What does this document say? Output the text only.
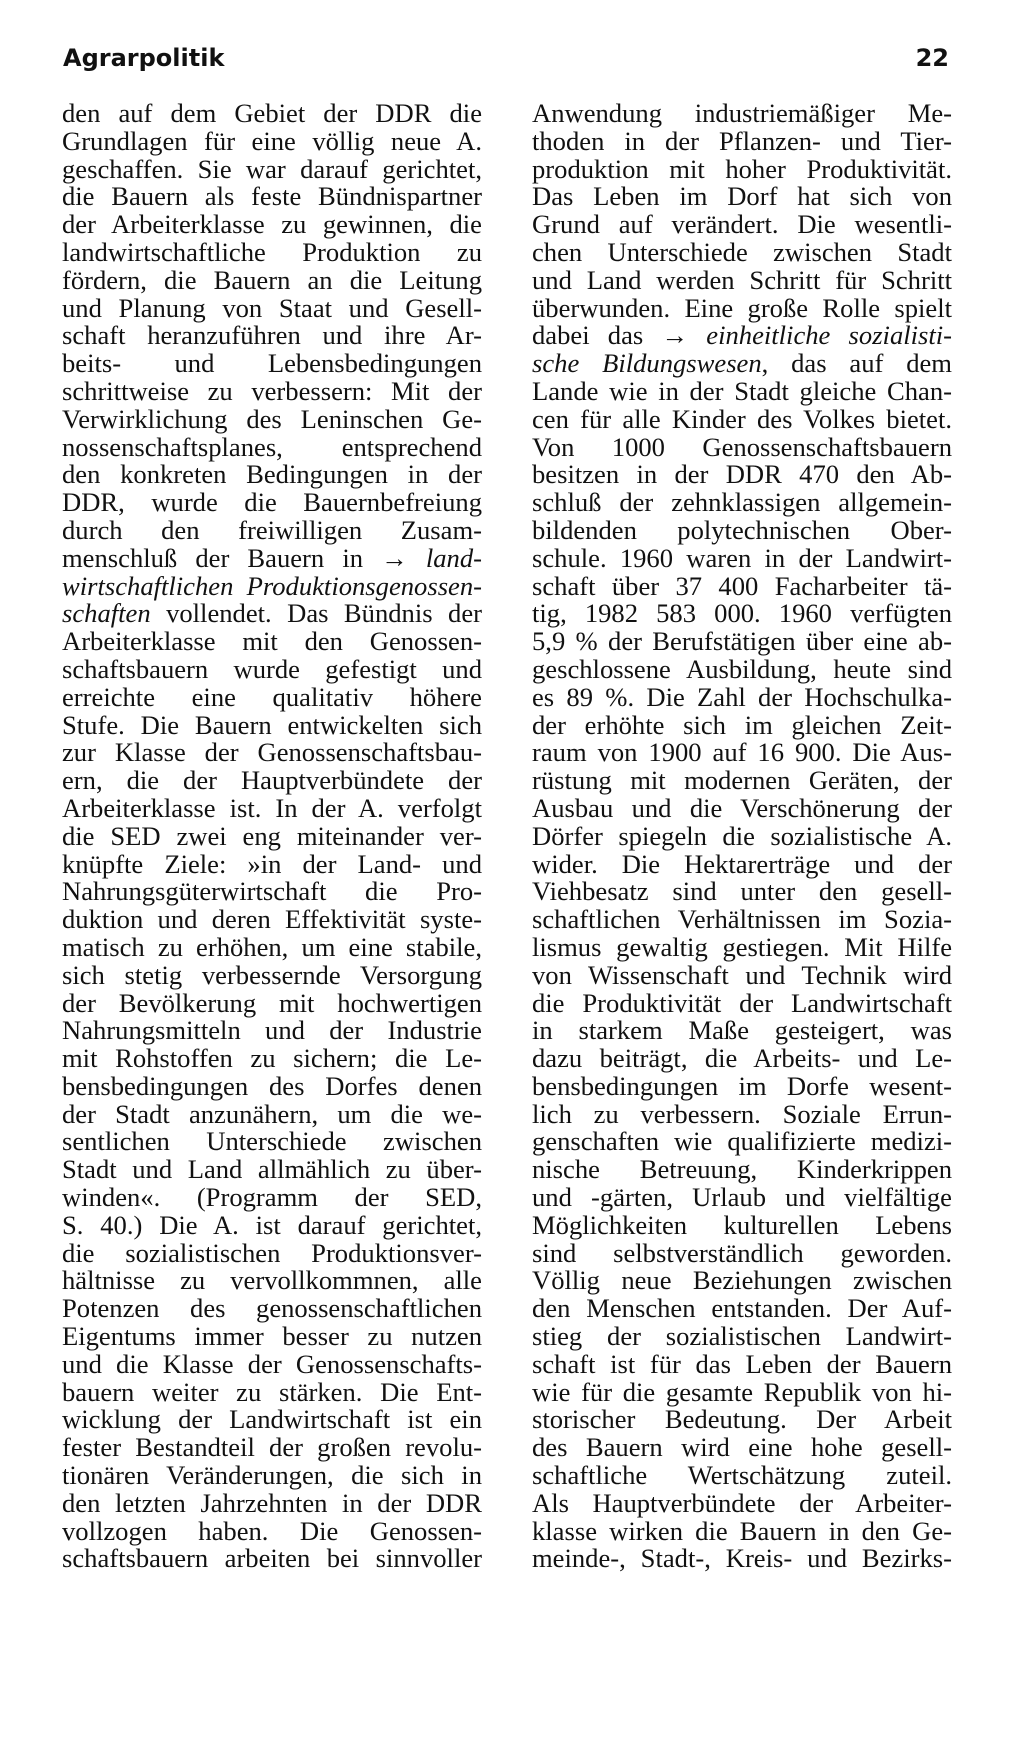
Agrarpolitik	22
den auf dem Gebiet der DDR die
Grundlagen für eine völlig neue A.
geschaffen. Sie war darauf gerichtet,
die Bauern als feste Bündnispartner
der Arbeiterklasse zu gewinnen, die
landwirtschaftliche Produktion zu
fördern, die Bauern an die Leitung
und Planung von Staat und Gesell-
schaft heranzuführen und ihre Ar-
beits- und Lebensbedingungen
schrittweise zu verbessern: Mit der
Verwirklichung des Leninschen Ge-
nossenschaftsplanes, entsprechend
den konkreten Bedingungen in der
DDR, wurde die Bauernbefreiung
durch den freiwilligen Zusam-
menschluß der Bauern in → land-
wirtschaftlichen Produktionsgenossen-
schaften vollendet. Das Bündnis der
Arbeiterklasse mit den Genossen-
schaftsbauern wurde gefestigt und
erreichte eine qualitativ höhere
Stufe. Die Bauern entwickelten sich
zur Klasse der Genossenschaftsbau-
ern, die der Hauptverbündete der
Arbeiterklasse ist. In der A. verfolgt
die SED zwei eng miteinander ver-
knüpfte Ziele: »in der Land- und
Nahrungsgüterwirtschaft die Pro-
duktion und deren Effektivität syste-
matisch zu erhöhen, um eine stabile,
sich stetig verbessernde Versorgung
der Bevölkerung mit hochwertigen
Nahrungsmitteln und der Industrie
mit Rohstoffen zu sichern; die Le-
bensbedingungen des Dorfes denen
der Stadt anzunähern, um die we-
sentlichen Unterschiede zwischen
Stadt und Land allmählich zu über-
winden«. (Programm der SED,
S. 40.) Die A. ist darauf gerichtet,
die sozialistischen Produktionsver-
hältnisse zu vervollkommnen, alle
Potenzen des genossenschaftlichen
Eigentums immer besser zu nutzen
und die Klasse der Genossenschafts-
bauern weiter zu stärken. Die Ent-
wicklung der Landwirtschaft ist ein
fester Bestandteil der großen revolu-
tionären Veränderungen, die sich in
den letzten Jahrzehnten in der DDR
vollzogen haben. Die Genossen-
schaftsbauern arbeiten bei sinnvoller
Anwendung industriemäßiger Me-
thoden in der Pflanzen- und Tier-
produktion mit hoher Produktivität.
Das Leben im Dorf hat sich von
Grund auf verändert. Die wesentli-
chen Unterschiede zwischen Stadt
und Land werden Schritt für Schritt
überwunden. Eine große Rolle spielt
dabei das → einheitliche sozialisti-
sche Bildungswesen, das auf dem
Lande wie in der Stadt gleiche Chan-
cen für alle Kinder des Volkes bietet.
Von 1000 Genossenschaftsbauern
besitzen in der DDR 470 den Ab-
schluß der zehnklassigen allgemein-
bildenden polytechnischen Ober-
schule. 1960 waren in der Landwirt-
schaft über 37 400 Facharbeiter tä-
tig, 1982 583 000. 1960 verfügten
5,9 % der Berufstätigen über eine ab-
geschlossene Ausbildung, heute sind
es 89 %. Die Zahl der Hochschulka-
der erhöhte sich im gleichen Zeit-
raum von 1900 auf 16 900. Die Aus-
rüstung mit modernen Geräten, der
Ausbau und die Verschönerung der
Dörfer spiegeln die sozialistische A.
wider. Die Hektarerträge und der
Viehbesatz sind unter den gesell-
schaftlichen Verhältnissen im Sozia-
lismus gewaltig gestiegen. Mit Hilfe
von Wissenschaft und Technik wird
die Produktivität der Landwirtschaft
in starkem Maße gesteigert, was
dazu beiträgt, die Arbeits- und Le-
bensbedingungen im Dorfe wesent-
lich zu verbessern. Soziale Errun-
genschaften wie qualifizierte medizi-
nische Betreuung, Kinderkrippen
und -gärten, Urlaub und vielfältige
Möglichkeiten kulturellen Lebens
sind selbstverständlich geworden.
Völlig neue Beziehungen zwischen
den Menschen entstanden. Der Auf-
stieg der sozialistischen Landwirt-
schaft ist für das Leben der Bauern
wie für die gesamte Republik von hi-
storischer Bedeutung. Der Arbeit
des Bauern wird eine hohe gesell-
schaftliche Wertschätzung zuteil.
Als Hauptverbündete der Arbeiter-
klasse wirken die Bauern in den Ge-
meinde-, Stadt-, Kreis- und Bezirks-
